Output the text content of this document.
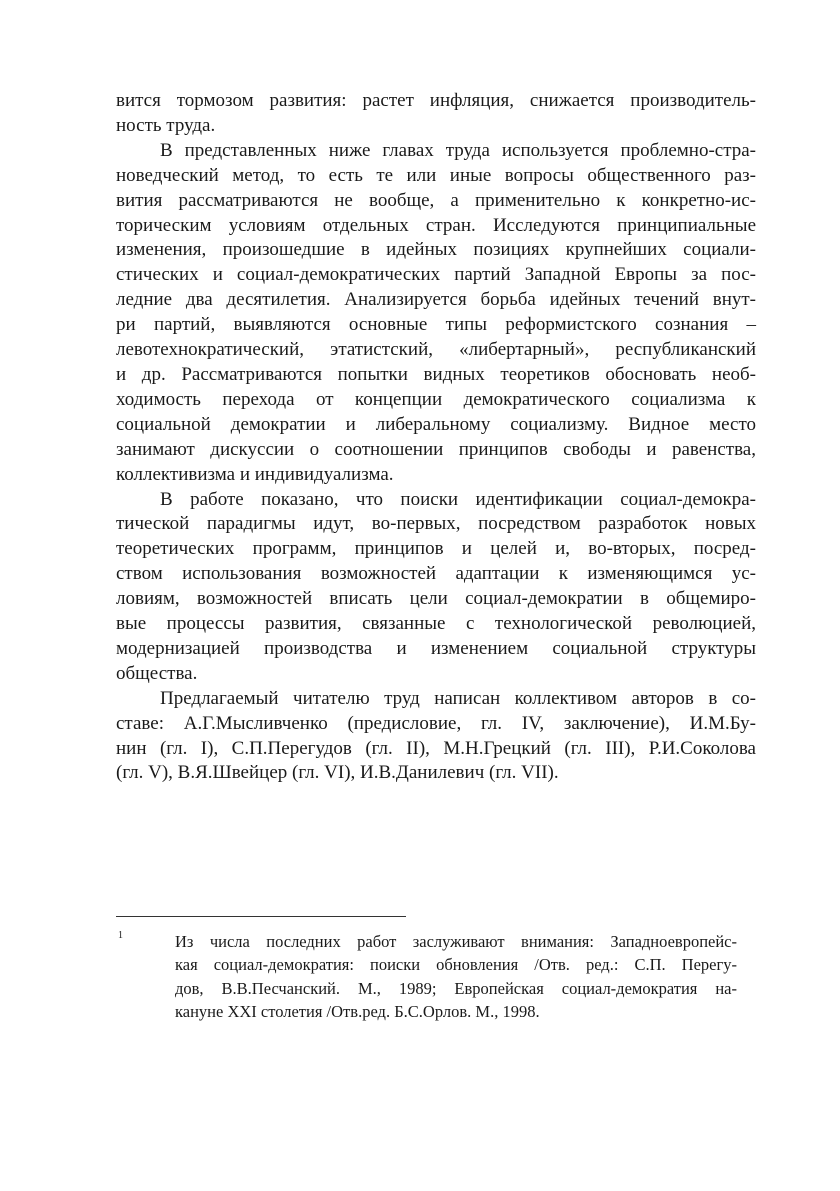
вится тормозом развития: растет инфляция, снижается производитель-
ность труда.
В представленных ниже главах труда используется проблемно-стра-
новедческий метод, то есть те или иные вопросы общественного раз-
вития рассматриваются не вообще, а применительно к конкретно-ис-
торическим условиям отдельных стран. Исследуются принципиальные
изменения, произошедшие в идейных позициях крупнейших социали-
стических и социал-демократических партий Западной Европы за пос-
ледние два десятилетия. Анализируется борьба идейных течений внут-
ри партий, выявляются основные типы реформистского сознания –
левотехнократический, этатистский, «либертарный», республиканский
и др. Рассматриваются попытки видных теоретиков обосновать необ-
ходимость перехода от концепции демократического социализма к
социальной демократии и либеральному социализму. Видное место
занимают дискуссии о соотношении принципов свободы и равенства,
коллективизма и индивидуализма.
В работе показано, что поиски идентификации социал-демокра-
тической парадигмы идут, во-первых, посредством разработок новых
теоретических программ, принципов и целей и, во-вторых, посред-
ством использования возможностей адаптации к изменяющимся ус-
ловиям, возможностей вписать цели социал-демократии в общемиро-
вые процессы развития, связанные с технологической революцией,
модернизацией производства и изменением социальной структуры
общества.
Предлагаемый читателю труд написан коллективом авторов в со-
ставе: А.Г.Мысливченко (предисловие, гл. IV, заключение), И.М.Бу-
нин (гл. I), С.П.Перегудов (гл. II), М.Н.Грецкий (гл. III), Р.И.Соколова
(гл. V), В.Я.Швейцер (гл. VI), И.В.Данилевич (гл. VII).
1	Из числа последних работ заслуживают внимания: Западноевропейс-
кая социал-демократия: поиски обновления /Отв. ред.: С.П. Перегу-
дов, В.В.Песчанский. М., 1989; Европейская социал-демократия на-
кануне XXI столетия /Отв.ред. Б.С.Орлов. М., 1998.
